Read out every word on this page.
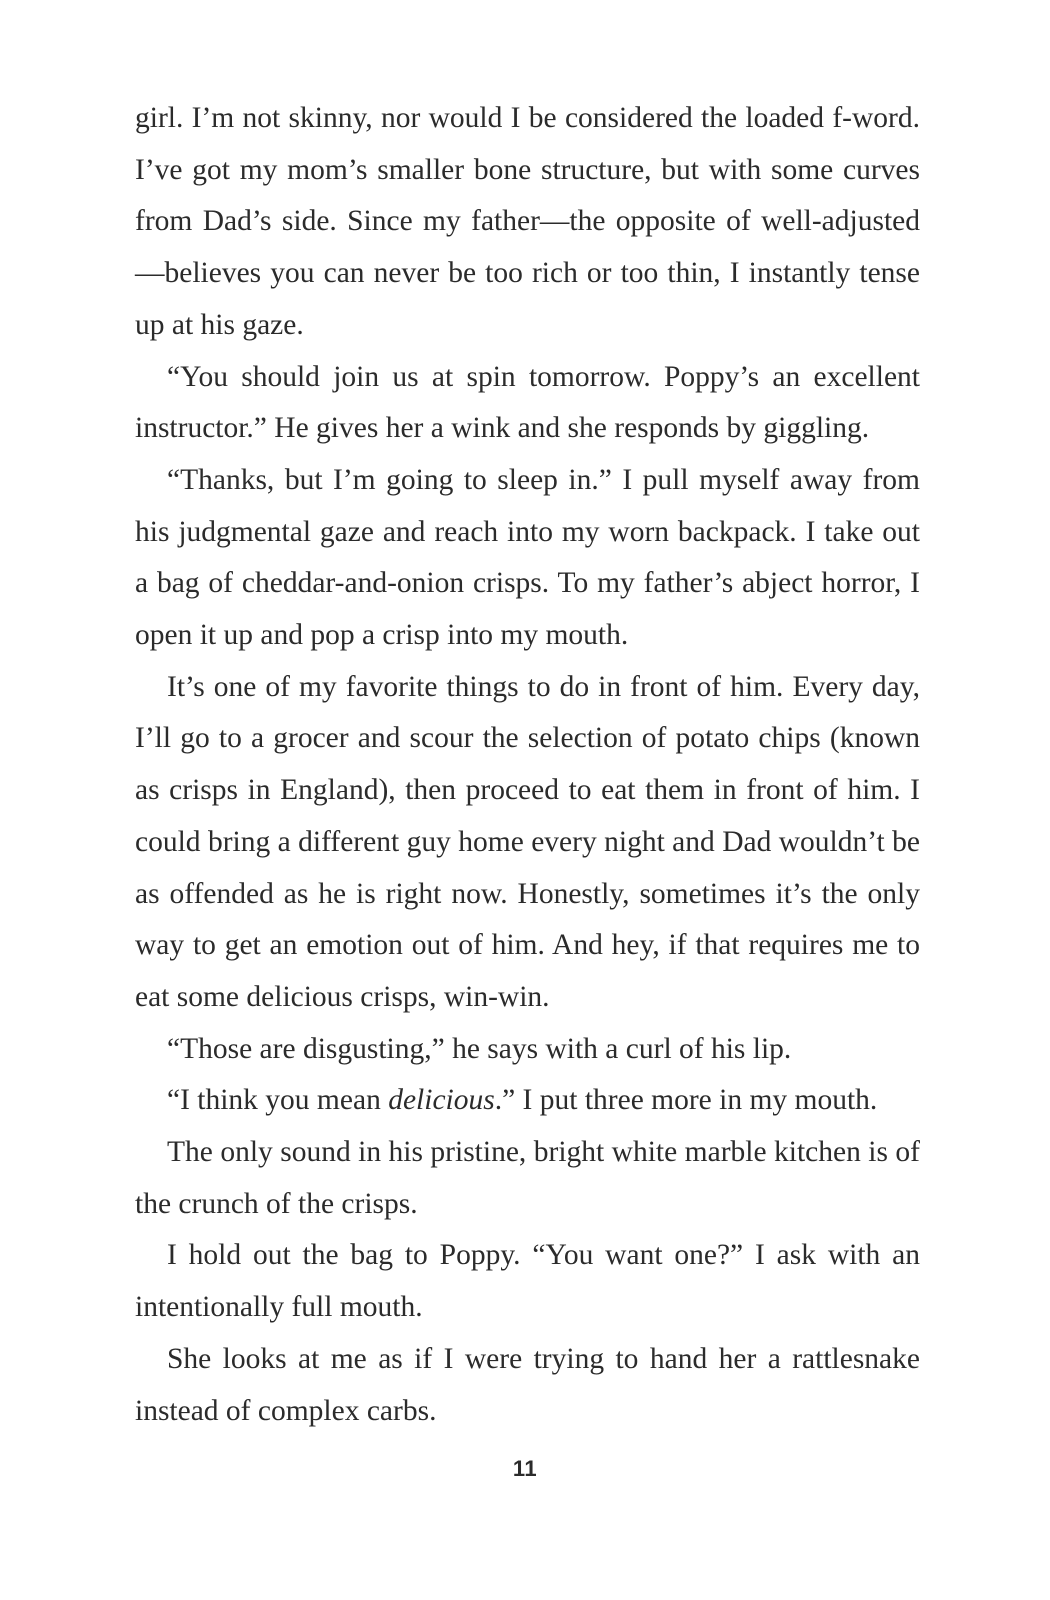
girl. I’m not skinny, nor would I be considered the loaded f-word. I’ve got my mom’s smaller bone structure, but with some curves from Dad’s side. Since my father—the opposite of well-adjusted—believes you can never be too rich or too thin, I instantly tense up at his gaze.

“You should join us at spin tomorrow. Poppy’s an excellent instructor.” He gives her a wink and she responds by giggling.

“Thanks, but I’m going to sleep in.” I pull myself away from his judgmental gaze and reach into my worn backpack. I take out a bag of cheddar-and-onion crisps. To my father’s abject horror, I open it up and pop a crisp into my mouth.

It’s one of my favorite things to do in front of him. Every day, I’ll go to a grocer and scour the selection of potato chips (known as crisps in England), then proceed to eat them in front of him. I could bring a different guy home every night and Dad wouldn’t be as offended as he is right now. Honestly, sometimes it’s the only way to get an emotion out of him. And hey, if that requires me to eat some delicious crisps, win-win.

“Those are disgusting,” he says with a curl of his lip.

“I think you mean delicious.” I put three more in my mouth.

The only sound in his pristine, bright white marble kitchen is of the crunch of the crisps.

I hold out the bag to Poppy. “You want one?” I ask with an intentionally full mouth.

She looks at me as if I were trying to hand her a rattlesnake instead of complex carbs.

11
